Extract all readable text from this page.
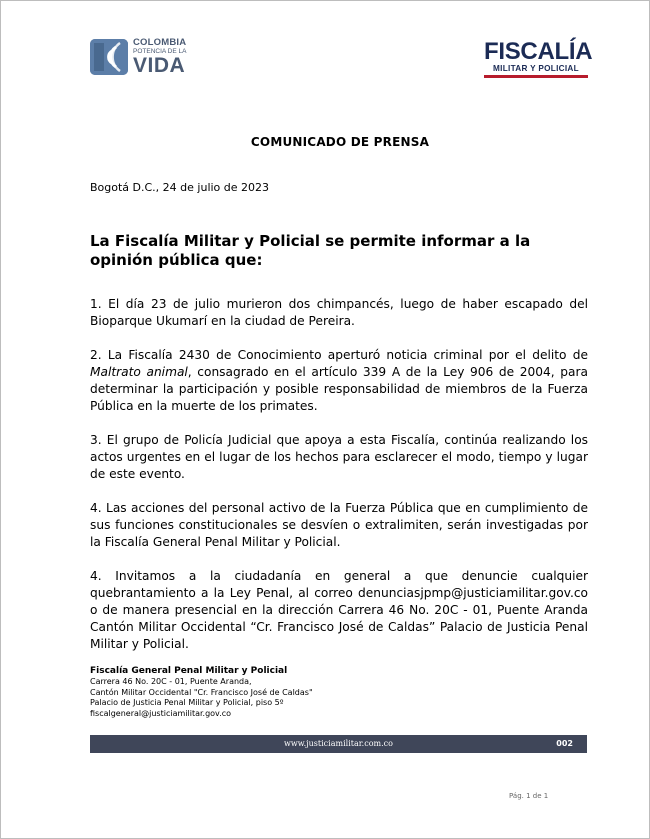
COLOMBIA
POTENCIA DE LA
VIDA
FISCALÍA
MILITAR Y POLICIAL
COMUNICADO DE PRENSA
Bogotá D.C., 24 de julio de 2023
La Fiscalía Militar y Policial se permite informar a la opinión pública que:

1. El día 23 de julio murieron dos chimpancés, luego de haber escapado del Bioparque Ukumarí en la ciudad de Pereira.

2. La Fiscalía 2430 de Conocimiento aperturó noticia criminal por el delito de Maltrato animal, consagrado en el artículo 339 A de la Ley 906 de 2004, para determinar la participación y posible responsabilidad de miembros de la Fuerza Pública en la muerte de los primates.

3. El grupo de Policía Judicial que apoya a esta Fiscalía, continúa realizando los actos urgentes en el lugar de los hechos para esclarecer el modo, tiempo y lugar de este evento.

4. Las acciones del personal activo de la Fuerza Pública que en cumplimiento de sus funciones constitucionales se desvíen o extralimiten, serán investigadas por la Fiscalía General Penal Militar y Policial.

4. Invitamos a la ciudadanía en general a que denuncie cualquier quebrantamiento a la Ley Penal, al correo denunciasjpmp@justiciamilitar.gov.co o de manera presencial en la dirección Carrera 46 No. 20C - 01, Puente Aranda Cantón Militar Occidental “Cr. Francisco José de Caldas” Palacio de Justicia Penal Militar y Policial.

Fiscalía General Penal Militar y Policial
Carrera 46 No. 20C - 01, Puente Aranda,
Cantón Militar Occidental "Cr. Francisco José de Caldas"
Palacio de Justicia Penal Militar y Policial, piso 5º
fiscalgeneral@justiciamilitar.gov.co
www.justiciamilitar.com.co	002
Pág. 1 de 1
